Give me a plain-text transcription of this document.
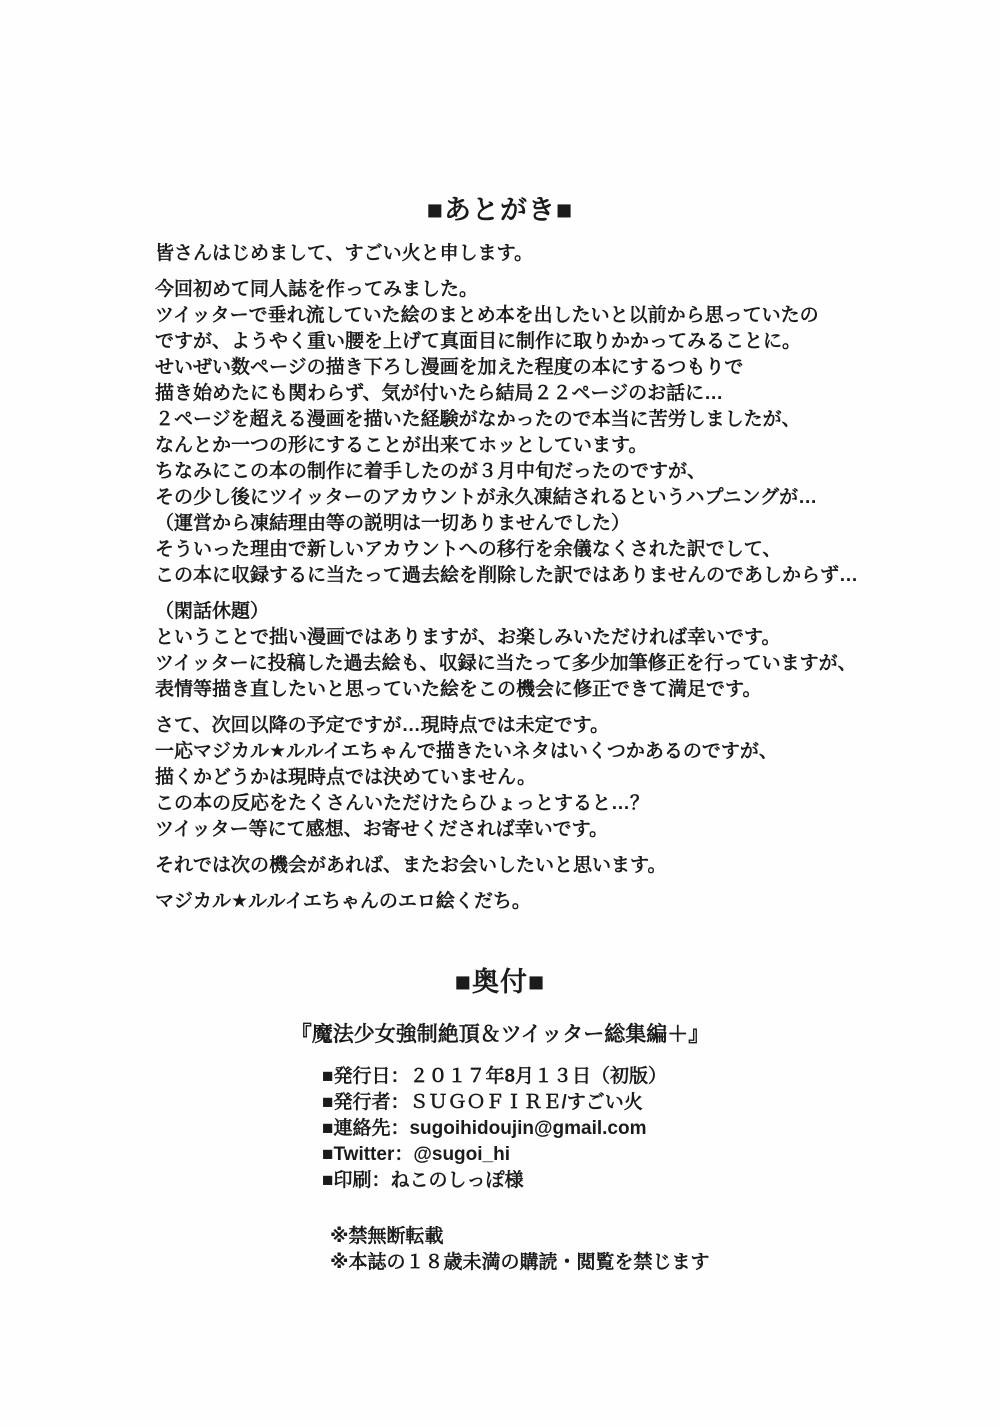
■あとがき■

皆さんはじめまして、すごい火と申します。

今回初めて同人誌を作ってみました。
ツイッターで垂れ流していた絵のまとめ本を出したいと以前から思っていたの
ですが、ようやく重い腰を上げて真面目に制作に取りかかってみることに。
せいぜい数ページの描き下ろし漫画を加えた程度の本にするつもりで
描き始めたにも関わらず、気が付いたら結局２２ページのお話に…
２ページを超える漫画を描いた経験がなかったので本当に苦労しましたが、
なんとか一つの形にすることが出来てホッとしています。
ちなみにこの本の制作に着手したのが３月中旬だったのですが、
その少し後にツイッターのアカウントが永久凍結されるというハプニングが…
（運営から凍結理由等の説明は一切ありませんでした）
そういった理由で新しいアカウントへの移行を余儀なくされた訳でして、
この本に収録するに当たって過去絵を削除した訳ではありませんのであしからず…

（閑話休題）
ということで拙い漫画ではありますが、お楽しみいただければ幸いです。
ツイッターに投稿した過去絵も、収録に当たって多少加筆修正を行っていますが、
表情等描き直したいと思っていた絵をこの機会に修正できて満足です。

さて、次回以降の予定ですが…現時点では未定です。
一応マジカル★ルルイエちゃんで描きたいネタはいくつかあるのですが、
描くかどうかは現時点では決めていません。
この本の反応をたくさんいただけたらひょっとすると…？
ツイッター等にて感想、お寄せくだされば幸いです。

それでは次の機会があれば、またお会いしたいと思います。

マジカル★ルルイエちゃんのエロ絵くだち。

■奥付■
『魔法少女強制絶頂＆ツイッター総集編＋』
■発行日：２０１７年8月１３日（初版）
■発行者：ＳＵＧＯＦＩＲＥ/すごい火
■連絡先：sugoihidoujin@gmail.com
■Twitter：@sugoi_hi
■印刷：ねこのしっぽ様
※禁無断転載
※本誌の１８歳未満の購読・閲覧を禁じます
